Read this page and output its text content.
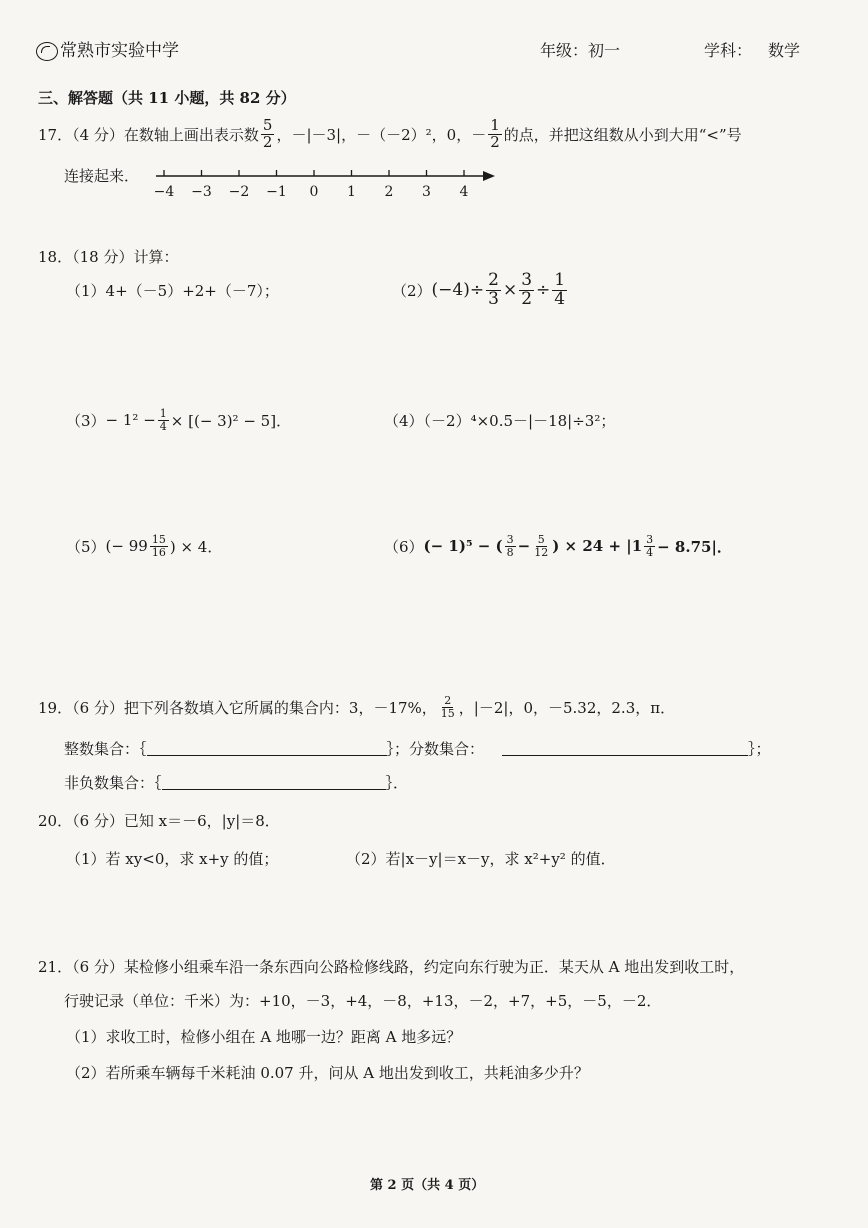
常熟市实验中学	年级：初一	学科： 数学
三、解答题（共 11 小题，共 82 分）
17．（4 分）在数轴上画出表示数 $\frac{5}{2}$ ，－|－3|，－（－2）²，0，－ $\frac{1}{2}$ 的点，并把这组数从小到大用“<”号
连接起来．
−4 −3 −2 −1 0 1 2 3 4
18．（18 分）计算：
（1）4+（－5）+2+（－7）；	（2） $(-4)\div \frac{2}{3} \times \frac{3}{2} \div \frac{1}{4}$
$(3) - 1^2 - \frac{1}{4}$ × [(− 3)² − 5]．	（4）（－2）⁴×0.5－|－18|÷3²；
（5） (− $99 \frac{15}{16}$ ) × 4．	（6） (− 1)⁵ − ( $\frac{3}{8} - \frac{5}{12}$ ) × $24 + |1 \frac{3}{4} - 8.75|$．
19．（6 分）把下列各数填入它所属的集合内：3，－17%， $\frac{2}{15}$ ，|－2|，0，－5.32，2.3，π．
整数集合：｛	｝； 分数集合：	｝；
非负数集合：｛	｝．
20．（6 分）已知 x＝－6，|y|＝8．
（1）若 xy<0，求 x+y 的值；	（2）若|x－y|＝x－y，求 x²+y² 的值．
21．（6 分）某检修小组乘车沿一条东西向公路检修线路，约定向东行驶为正．某天从 A 地出发到收工时，
行驶记录（单位：千米）为：+10，－3，+4，－8，+13，－2，+7，+5，－5，－2．
（1）求收工时，检修小组在 A 地哪一边？距离 A 地多远？
（2）若所乘车辆每千米耗油 0.07 升，问从 A 地出发到收工，共耗油多少升？
第 2 页（共 4 页）
